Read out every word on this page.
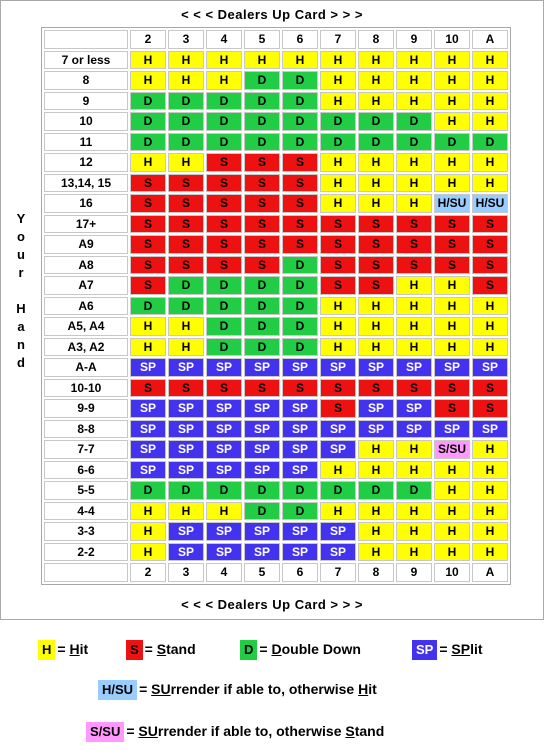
< < < Dealers Up Card > > >
Y
o
u
r
H
a
n
d
	2	3	4	5	6	7	8	9	10	A
7 or less	H	H	H	H	H	H	H	H	H	H
8	H	H	H	D	D	H	H	H	H	H
9	D	D	D	D	D	H	H	H	H	H
10	D	D	D	D	D	D	D	D	H	H
11	D	D	D	D	D	D	D	D	D	D
12	H	H	S	S	S	H	H	H	H	H
13,14, 15	S	S	S	S	S	H	H	H	H	H
16	S	S	S	S	S	H	H	H	H/SU	H/SU
17+	S	S	S	S	S	S	S	S	S	S
A9	S	S	S	S	S	S	S	S	S	S
A8	S	S	S	S	D	S	S	S	S	S
A7	S	D	D	D	D	S	S	H	H	S
A6	D	D	D	D	D	H	H	H	H	H
A5, A4	H	H	D	D	D	H	H	H	H	H
A3, A2	H	H	D	D	D	H	H	H	H	H
A-A	SP	SP	SP	SP	SP	SP	SP	SP	SP	SP
10-10	S	S	S	S	S	S	S	S	S	S
9-9	SP	SP	SP	SP	SP	S	SP	SP	S	S
8-8	SP	SP	SP	SP	SP	SP	SP	SP	SP	SP
7-7	SP	SP	SP	SP	SP	SP	H	H	S/SU	H
6-6	SP	SP	SP	SP	SP	H	H	H	H	H
5-5	D	D	D	D	D	D	D	D	H	H
4-4	H	H	H	D	D	H	H	H	H	H
3-3	H	SP	SP	SP	SP	SP	H	H	H	H
2-2	H	SP	SP	SP	SP	SP	H	H	H	H
	2	3	4	5	6	7	8	9	10	A
< < < Dealers Up Card > > >
H = Hit	S = Stand	D = Double Down	SP = SPlit
H/SU = SUrrender if able to, otherwise Hit
S/SU = SUrrender if able to, otherwise Stand
